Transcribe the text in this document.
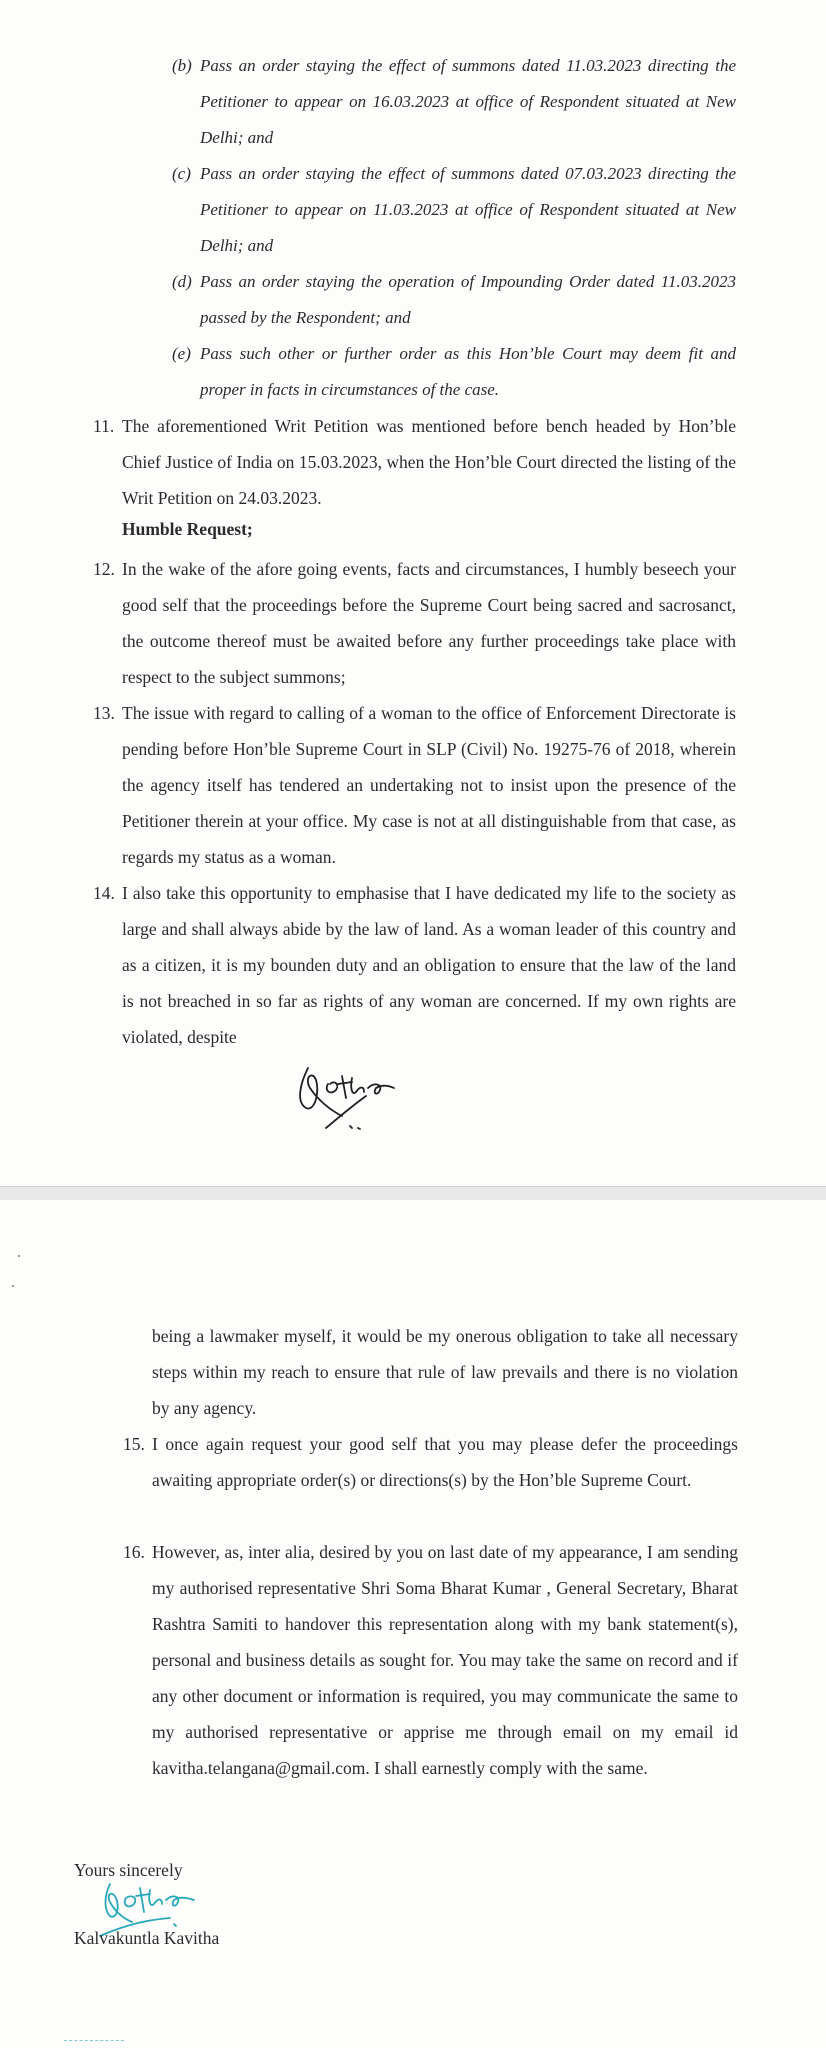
(b) Pass an order staying the effect of summons dated 11.03.2023 directing the Petitioner to appear on 16.03.2023 at office of Respondent situated at New Delhi; and
(c) Pass an order staying the effect of summons dated 07.03.2023 directing the Petitioner to appear on 11.03.2023 at office of Respondent situated at New Delhi; and
(d) Pass an order staying the operation of Impounding Order dated 11.03.2023 passed by the Respondent; and
(e) Pass such other or further order as this Hon’ble Court may deem fit and proper in facts in circumstances of the case.
11. The aforementioned Writ Petition was mentioned before bench headed by Hon’ble Chief Justice of India on 15.03.2023, when the Hon’ble Court directed the listing of the Writ Petition on 24.03.2023.
Humble Request;
12. In the wake of the afore going events, facts and circumstances, I humbly beseech your good self that the proceedings before the Supreme Court being sacred and sacrosanct, the outcome thereof must be awaited before any further proceedings take place with respect to the subject summons;
13. The issue with regard to calling of a woman to the office of Enforcement Directorate is pending before Hon’ble Supreme Court in SLP (Civil) No. 19275-76 of 2018, wherein the agency itself has tendered an undertaking not to insist upon the presence of the Petitioner therein at your office. My case is not at all distinguishable from that case, as regards my status as a woman.
14. I also take this opportunity to emphasise that I have dedicated my life to the society as large and shall always abide by the law of land. As a woman leader of this country and as a citizen, it is my bounden duty and an obligation to ensure that the law of the land is not breached in so far as rights of any woman are concerned. If my own rights are violated, despite
being a lawmaker myself, it would be my onerous obligation to take all necessary steps within my reach to ensure that rule of law prevails and there is no violation by any agency.
15. I once again request your good self that you may please defer the proceedings awaiting appropriate order(s) or directions(s) by the Hon’ble Supreme Court.
16. However, as, inter alia, desired by you on last date of my appearance, I am sending my authorised representative Shri Soma Bharat Kumar , General Secretary, Bharat Rashtra Samiti to handover this representation along with my bank statement(s), personal and business details as sought for. You may take the same on record and if any other document or information is required, you may communicate the same to my authorised representative or apprise me through email on my email id kavitha.telangana@gmail.com. I shall earnestly comply with the same.
Yours sincerely
Kalvakuntla Kavitha
